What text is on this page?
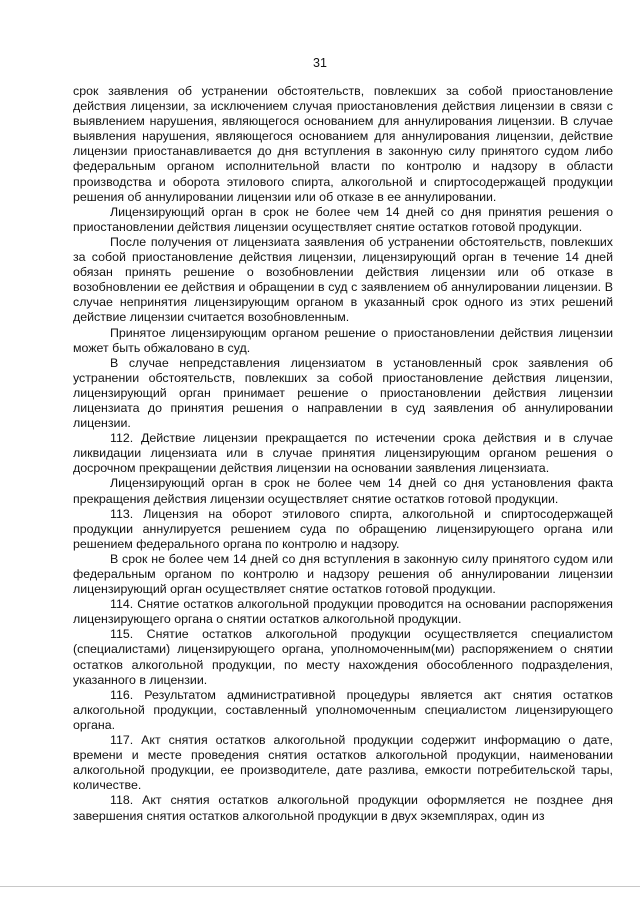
31

срок заявления об устранении обстоятельств, повлекших за собой приостановление действия лицензии, за исключением случая приостановления действия лицензии в связи с выявлением нарушения, являющегося основанием для аннулирования лицензии. В случае выявления нарушения, являющегося основанием для аннулирования лицензии, действие лицензии приостанавливается до дня вступления в законную силу принятого судом либо федеральным органом исполнительной власти по контролю и надзору в области производства и оборота этилового спирта, алкогольной и спиртосодержащей продукции решения об аннулировании лицензии или об отказе в ее аннулировании.

Лицензирующий орган в срок не более чем 14 дней со дня принятия решения о приостановлении действия лицензии осуществляет снятие остатков готовой продукции.

После получения от лицензиата заявления об устранении обстоятельств, повлекших за собой приостановление действия лицензии, лицензирующий орган в течение 14 дней обязан принять решение о возобновлении действия лицензии или об отказе в возобновлении ее действия и обращении в суд с заявлением об аннулировании лицензии. В случае непринятия лицензирующим органом в указанный срок одного из этих решений действие лицензии считается возобновленным.

Принятое лицензирующим органом решение о приостановлении действия лицензии может быть обжаловано в суд.

В случае непредставления лицензиатом в установленный срок заявления об устранении обстоятельств, повлекших за собой приостановление действия лицензии, лицензирующий орган принимает решение о приостановлении действия лицензии лицензиата до принятия решения о направлении в суд заявления об аннулировании лицензии.

112. Действие лицензии прекращается по истечении срока действия и в случае ликвидации лицензиата или в случае принятия лицензирующим органом решения о досрочном прекращении действия лицензии на основании заявления лицензиата.

Лицензирующий орган в срок не более чем 14 дней со дня установления факта прекращения действия лицензии осуществляет снятие остатков готовой продукции.

113. Лицензия на оборот этилового спирта, алкогольной и спиртосодержащей продукции аннулируется решением суда по обращению лицензирующего органа или решением федерального органа по контролю и надзору.

В срок не более чем 14 дней со дня вступления в законную силу принятого судом или федеральным органом по контролю и надзору решения об аннулировании лицензии лицензирующий орган осуществляет снятие остатков готовой продукции.

114. Снятие остатков алкогольной продукции проводится на основании распоряжения лицензирующего органа о снятии остатков алкогольной продукции.

115. Снятие остатков алкогольной продукции осуществляется специалистом (специалистами) лицензирующего органа, уполномоченным(ми) распоряжением о снятии остатков алкогольной продукции, по месту нахождения обособленного подразделения, указанного в лицензии.

116. Результатом административной процедуры является акт снятия остатков алкогольной продукции, составленный уполномоченным специалистом лицензирующего органа.

117. Акт снятия остатков алкогольной продукции содержит информацию о дате, времени и месте проведения снятия остатков алкогольной продукции, наименовании алкогольной продукции, ее производителе, дате разлива, емкости потребительской тары, количестве.

118. Акт снятия остатков алкогольной продукции оформляется не позднее дня завершения снятия остатков алкогольной продукции в двух экземплярах, один из
